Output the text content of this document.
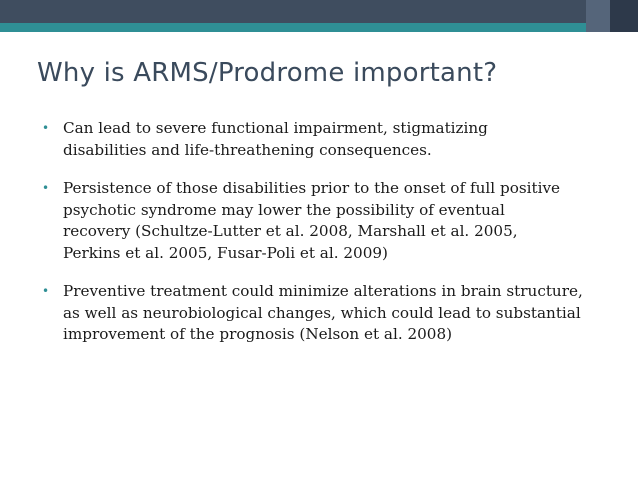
Why is ARMS/Prodrome important?
• Can lead to severe functional impairment, stigmatizing
disabilities and life-threathening consequences.
• Persistence of those disabilities prior to the onset of full positive
psychotic syndrome may lower the possibility of eventual
recovery (Schultze-Lutter et al. 2008, Marshall et al. 2005,
Perkins et al. 2005, Fusar-Poli et al. 2009)
• Preventive treatment could minimize alterations in brain structure,
as well as neurobiological changes, which could lead to substantial
improvement of the prognosis (Nelson et al. 2008)
